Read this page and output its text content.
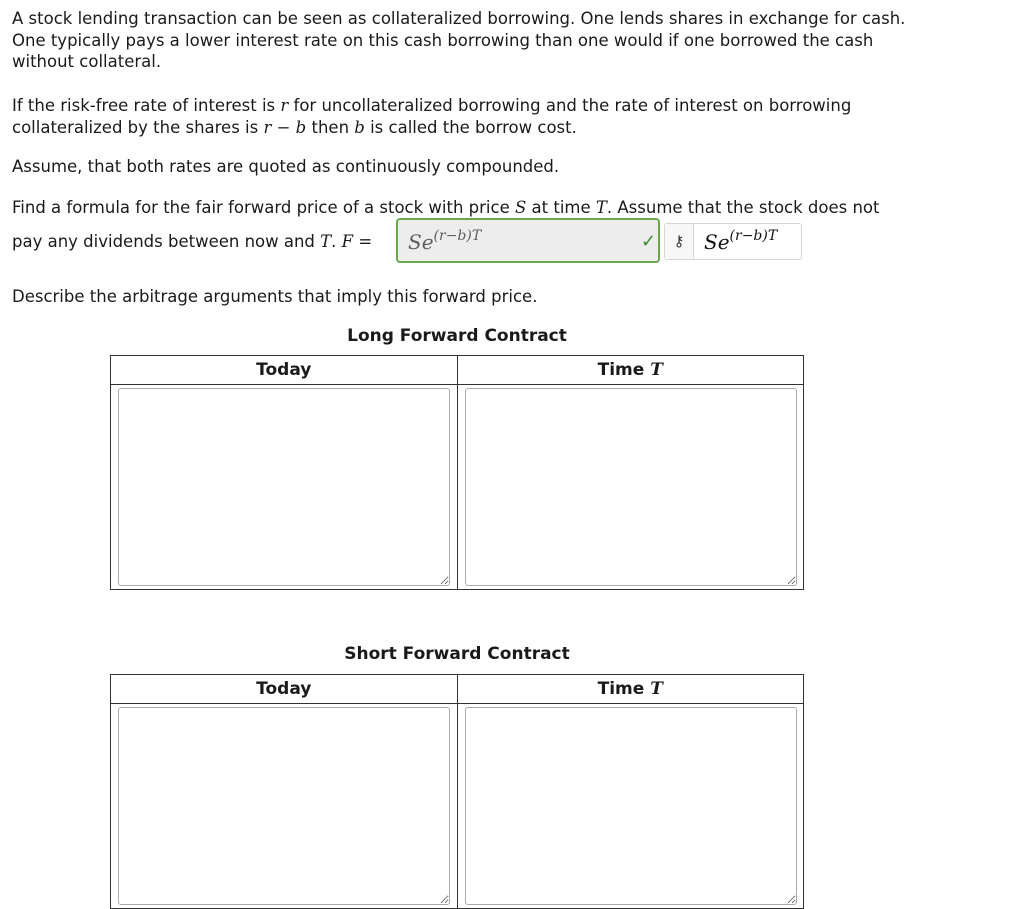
A stock lending transaction can be seen as collateralized borrowing. One lends shares in exchange for cash. One typically pays a lower interest rate on this cash borrowing than one would if one borrowed the cash without collateral.

If the risk-free rate of interest is r for uncollateralized borrowing and the rate of interest on borrowing collateralized by the shares is r − b then b is called the borrow cost.

Assume, that both rates are quoted as continuously compounded.

Find a formula for the fair forward price of a stock with price S at time T. Assume that the stock does not

pay any dividends between now and T. F =	$Se^{(r-b)T}$	✓	⚷ $Se^{(r-b)T}$

Describe the arbitrage arguments that imply this forward price.

Long Forward Contract
Today	Time T

Short Forward Contract
Today	Time T
